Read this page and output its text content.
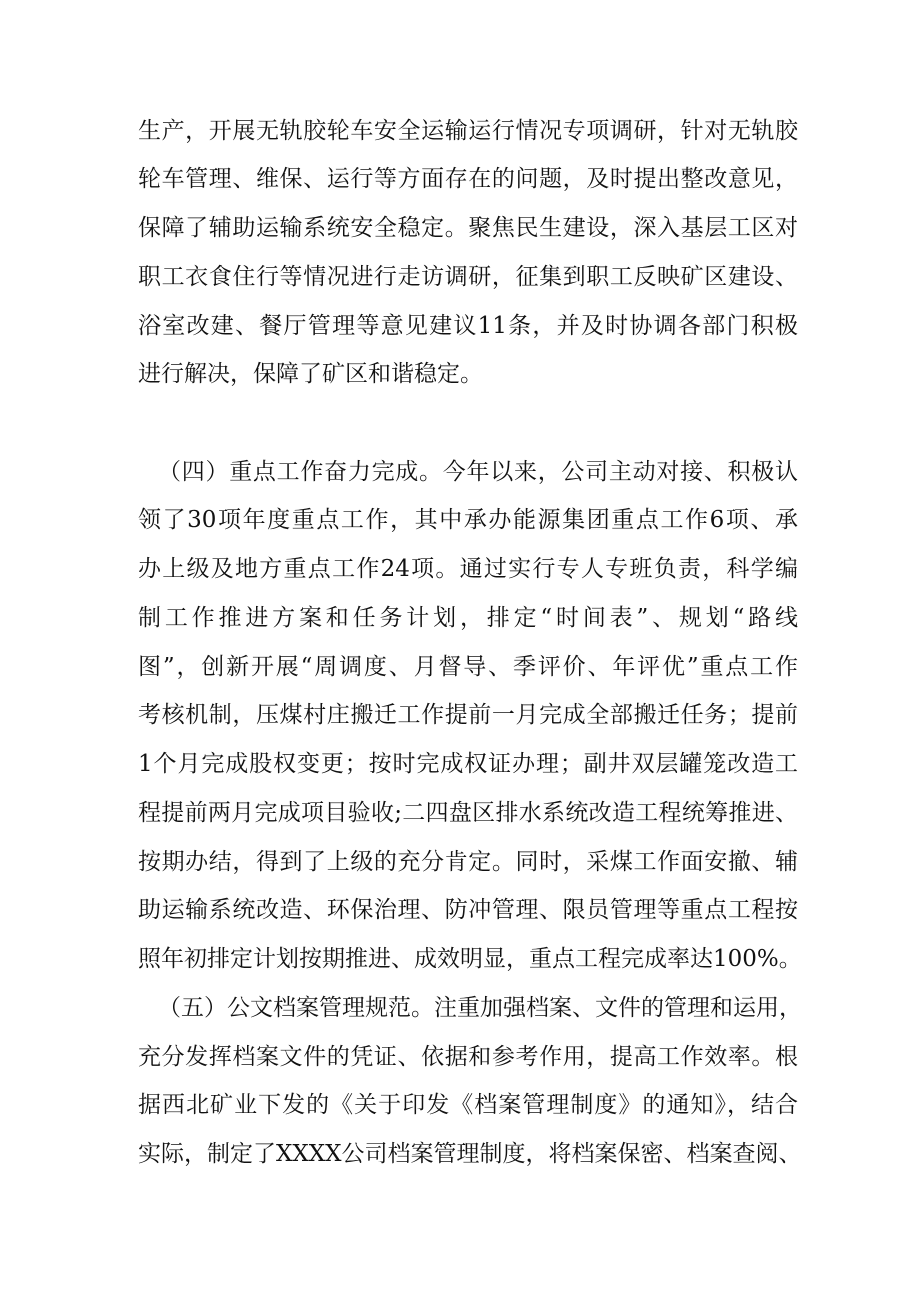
生产，开展无轨胶轮车安全运输运行情况专项调研，针对无轨胶
轮车管理、维保、运行等方面存在的问题，及时提出整改意见，
保障了辅助运输系统安全稳定。聚焦民生建设，深入基层工区对
职工衣食住行等情况进行走访调研，征集到职工反映矿区建设、
浴室改建、餐厅管理等意见建议11条，并及时协调各部门积极
进行解决，保障了矿区和谐稳定。
（四）重点工作奋力完成。今年以来，公司主动对接、积极认
领了30项年度重点工作，其中承办能源集团重点工作6项、承
办上级及地方重点工作24项。通过实行专人专班负责，科学编
制工作推进方案和任务计划，排定“时间表”、规划“路线
图”，创新开展“周调度、月督导、季评价、年评优”重点工作
考核机制，压煤村庄搬迁工作提前一月完成全部搬迁任务；提前
1个月完成股权变更；按时完成权证办理；副井双层罐笼改造工
程提前两月完成项目验收;二四盘区排水系统改造工程统筹推进、
按期办结，得到了上级的充分肯定。同时，采煤工作面安撤、辅
助运输系统改造、环保治理、防冲管理、限员管理等重点工程按
照年初排定计划按期推进、成效明显，重点工程完成率达100%。
（五）公文档案管理规范。注重加强档案、文件的管理和运用，
充分发挥档案文件的凭证、依据和参考作用，提高工作效率。根
据西北矿业下发的《关于印发《档案管理制度》的通知》，结合
实际，制定了XXXX公司档案管理制度，将档案保密、档案查阅、
